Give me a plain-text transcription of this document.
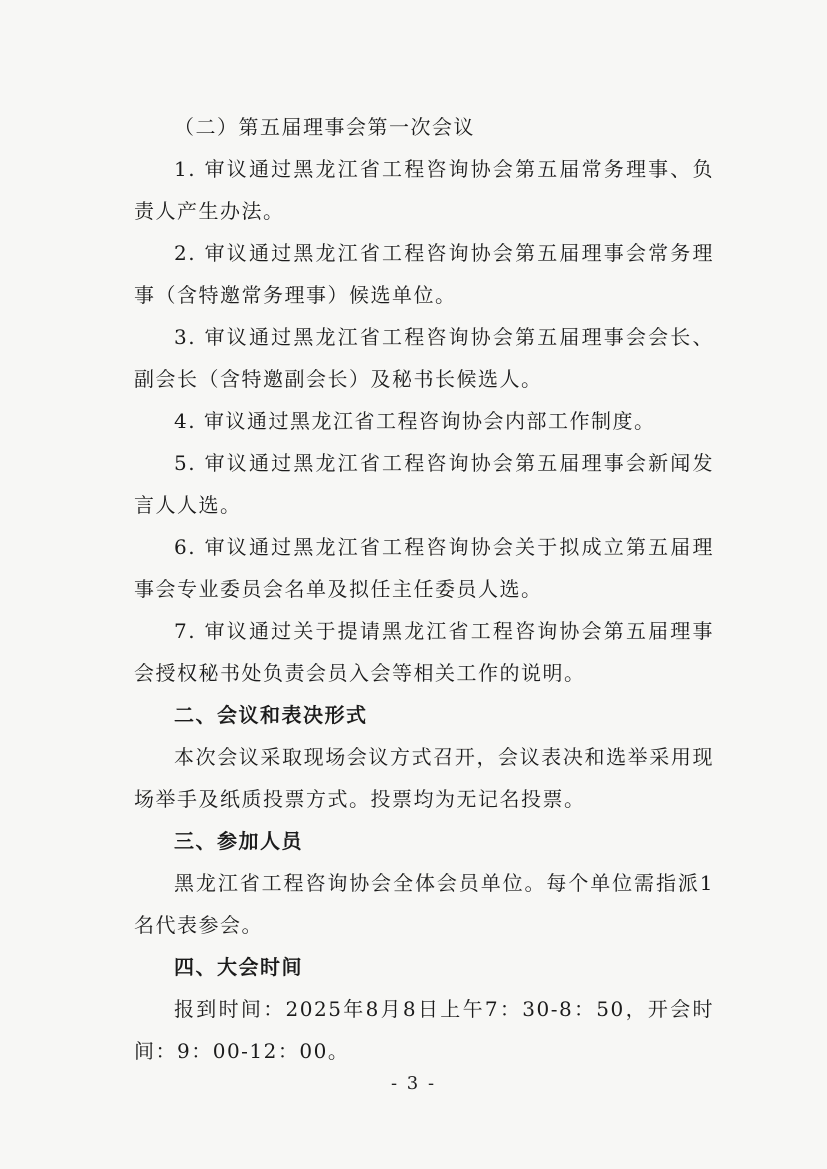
（二）第五届理事会第一次会议

1. 审议通过黑龙江省工程咨询协会第五届常务理事、负责人产生办法。

2. 审议通过黑龙江省工程咨询协会第五届理事会常务理事（含特邀常务理事）候选单位。

3. 审议通过黑龙江省工程咨询协会第五届理事会会长、副会长（含特邀副会长）及秘书长候选人。

4. 审议通过黑龙江省工程咨询协会内部工作制度。

5. 审议通过黑龙江省工程咨询协会第五届理事会新闻发言人人选。

6. 审议通过黑龙江省工程咨询协会关于拟成立第五届理事会专业委员会名单及拟任主任委员人选。

7. 审议通过关于提请黑龙江省工程咨询协会第五届理事会授权秘书处负责会员入会等相关工作的说明。

二、会议和表决形式

本次会议采取现场会议方式召开，会议表决和选举采用现场举手及纸质投票方式。投票均为无记名投票。

三、参加人员

黑龙江省工程咨询协会全体会员单位。每个单位需指派1名代表参会。

四、大会时间

报到时间：2025年8月8日上午7：30-8：50，开会时间：9：00-12：00。

- 3 -
